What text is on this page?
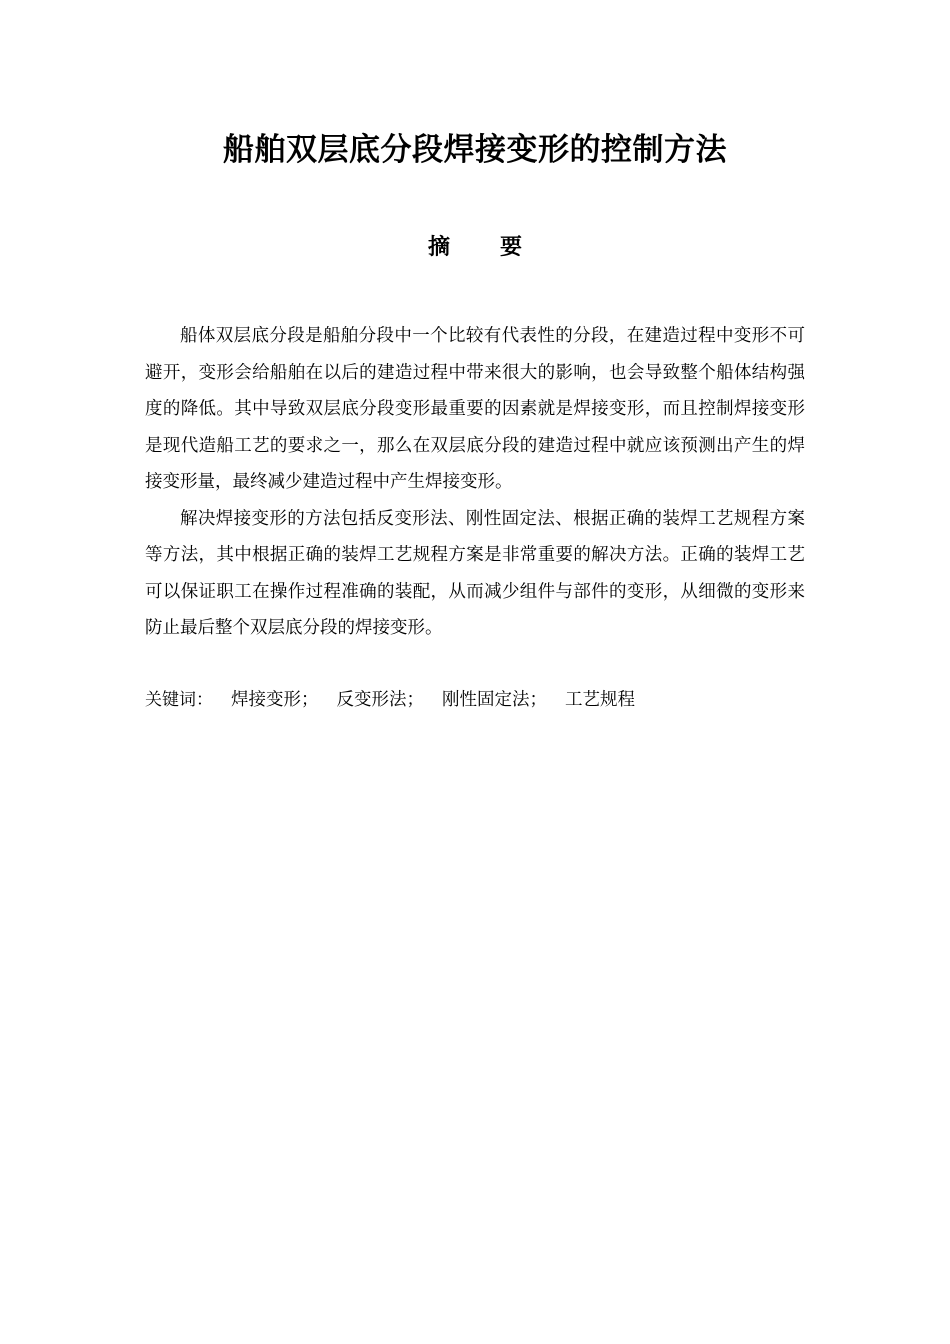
船舶双层底分段焊接变形的控制方法
摘要

船体双层底分段是船舶分段中一个比较有代表性的分段，在建造过程中变形不可避开，变形会给船舶在以后的建造过程中带来很大的影响，也会导致整个船体结构强度的降低。其中导致双层底分段变形最重要的因素就是焊接变形，而且控制焊接变形是现代造船工艺的要求之一，那么在双层底分段的建造过程中就应该预测出产生的焊接变形量，最终减少建造过程中产生焊接变形。

解决焊接变形的方法包括反变形法、刚性固定法、根据正确的装焊工艺规程方案等方法，其中根据正确的装焊工艺规程方案是非常重要的解决方法。正确的装焊工艺可以保证职工在操作过程准确的装配，从而减少组件与部件的变形，从细微的变形来防止最后整个双层底分段的焊接变形。

关键词： 焊接变形； 反变形法； 刚性固定法； 工艺规程
